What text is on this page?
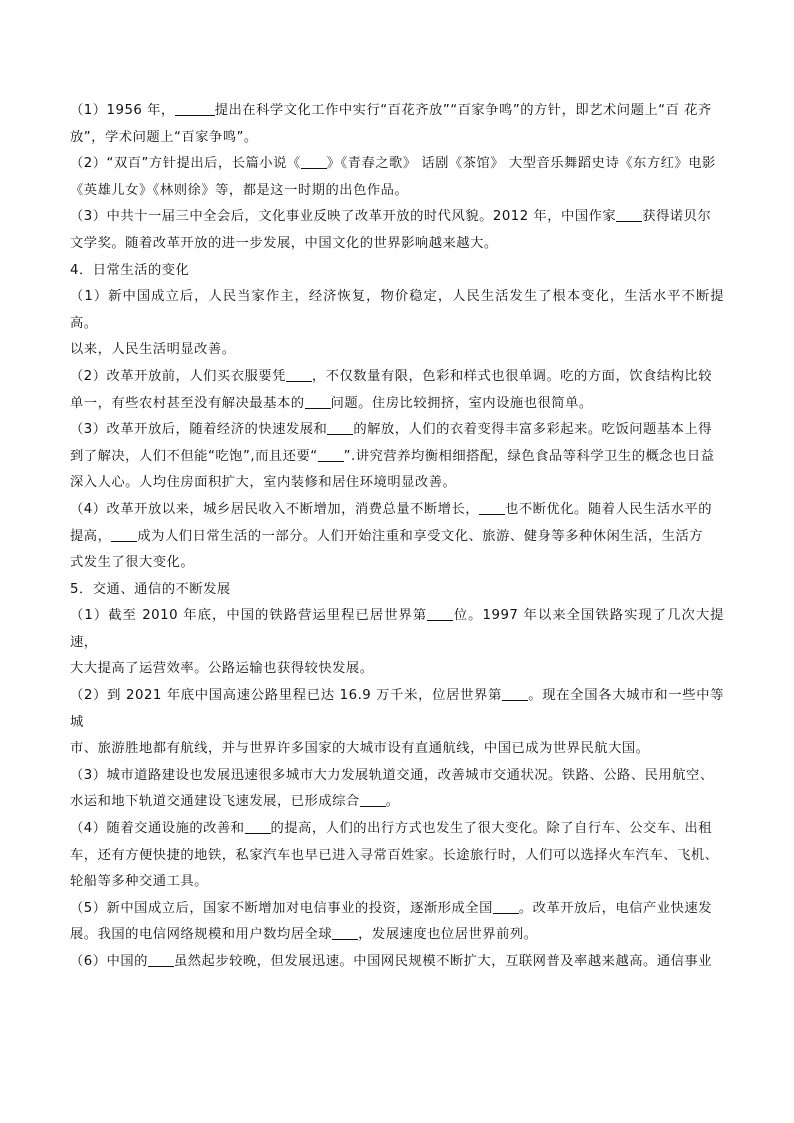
（1）1956 年，	提出在科学文化工作中实行“百花齐放”“百家争鸣”的方针，即艺术问题上“百 花齐

放”，学术问题上“百家争鸣”。

（2）“双百”方针提出后，长篇小说《 》《青春之歌》 话剧《茶馆》 大型音乐舞蹈史诗《东方红》电影

《英雄儿女》《林则徐》等，都是这一时期的出色作品。

（3）中共十一届三中全会后，文化事业反映了改革开放的时代风貌。2012 年，中国作家 获得诺贝尔

文学奖。随着改革开放的进一步发展，中国文化的世界影响越来越大。

4．日常生活的变化

（1）新中国成立后，人民当家作主，经济恢复，物价稳定，人民生活发生了根本变化，生活水平不断提高。

以来，人民生活明显改善。

（2）改革开放前，人们买衣服要凭 ，不仅数量有限，色彩和样式也很单调。吃的方面，饮食结构比较

单一，有些农村甚至没有解决最基本的 问题。住房比较拥挤，室内设施也很简单。

（3）改革开放后，随着经济的快速发展和 的解放，人们的衣着变得丰富多彩起来。吃饭问题基本上得

到了解决，人们不但能“吃饱”,而且还要“ ”.讲究营养均衡相细搭配，绿色食品等科学卫生的概念也日益

深入人心。人均住房面积扩大，室内装修和居住环境明显改善。

（4）改革开放以来，城乡居民收入不断增加，消费总量不断增长， 也不断优化。随着人民生活水平的

提高， 成为人们日常生活的一部分。人们开始注重和享受文化、旅游、健身等多种休闲生活，生活方

式发生了很大变化。

5．交通、通信的不断发展

（1）截至 2010 年底，中国的铁路营运里程已居世界第 位。1997 年以来全国铁路实现了几次大提速，

大大提高了运营效率。公路运输也获得较快发展。

（2）到 2021 年底中国高速公路里程已达 16.9 万千米，位居世界第 。现在全国各大城市和一些中等城

市、旅游胜地都有航线，并与世界许多国家的大城市设有直通航线，中国已成为世界民航大国。

（3）城市道路建设也发展迅速很多城市大力发展轨道交通，改善城市交通状况。铁路、公路、民用航空、

水运和地下轨道交通建设飞速发展，已形成综合 。

（4）随着交通设施的改善和 的提高，人们的出行方式也发生了很大变化。除了自行车、公交车、出租

车，还有方便快捷的地铁，私家汽车也早已进入寻常百姓家。长途旅行时，人们可以选择火车汽车、飞机、

轮船等多种交通工具。

（5）新中国成立后，国家不断增加对电信事业的投资，逐渐形成全国 。改革开放后，电信产业快速发

展。我国的电信网络规模和用户数均居全球 ，发展速度也位居世界前列。

（6）中国的 虽然起步较晚，但发展迅速。中国网民规模不断扩大，互联网普及率越来越高。通信事业
